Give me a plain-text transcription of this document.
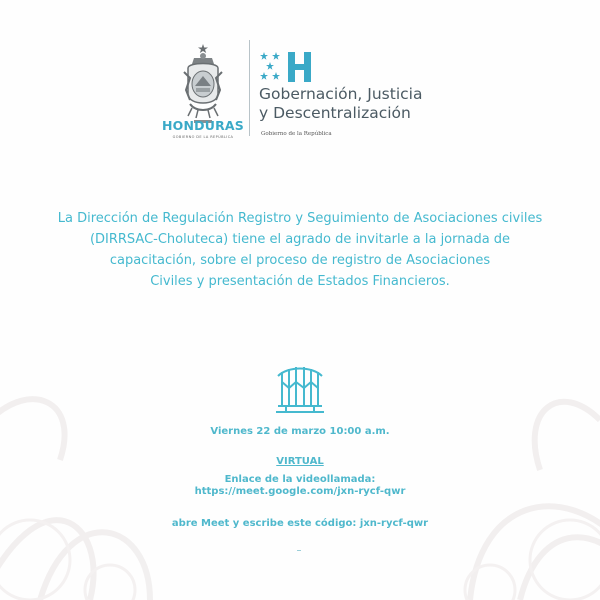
HONDURAS
GOBIERNO DE LA REPÚBLICA
Gobernación, Justicia
y Descentralización
Gobierno de la República

La Dirección de Regulación Registro y Seguimiento de Asociaciones civiles
(DIRRSAC-Choluteca) tiene el agrado de invitarle a la jornada de
capacitación, sobre el proceso de registro de Asociaciones
Civiles y presentación de Estados Financieros.

Viernes 22 de marzo 10:00 a.m.
VIRTUAL
Enlace de la videollamada:
https://meet.google.com/jxn-rycf-qwr
abre Meet y escribe este código: jxn-rycf-qwr
